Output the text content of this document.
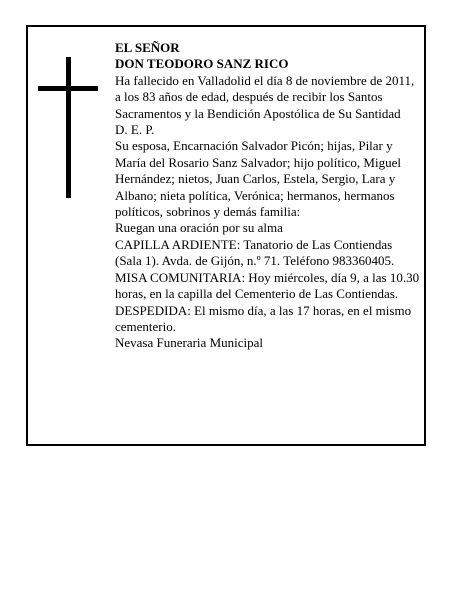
EL SEÑOR

DON TEODORO SANZ RICO

Ha fallecido en Valladolid el día 8 de noviembre de 2011, a los 83 años de edad, después de recibir los Santos Sacramentos y la Bendición Apostólica de Su Santidad

D. E. P.

Su esposa, Encarnación Salvador Picón; hijas, Pilar y María del Rosario Sanz Salvador; hijo político, Miguel Hernández; nietos, Juan Carlos, Estela, Sergio, Lara y Albano; nieta política, Verónica; hermanos, hermanos políticos, sobrinos y demás familia:

Ruegan una oración por su alma

CAPILLA ARDIENTE: Tanatorio de Las Contiendas (Sala 1). Avda. de Gijón, n.º 71. Teléfono 983360405.

MISA COMUNITARIA: Hoy miércoles, día 9, a las 10.30 horas, en la capilla del Cementerio de Las Contiendas.

DESPEDIDA: El mismo día, a las 17 horas, en el mismo cementerio.

Nevasa Funeraria Municipal
